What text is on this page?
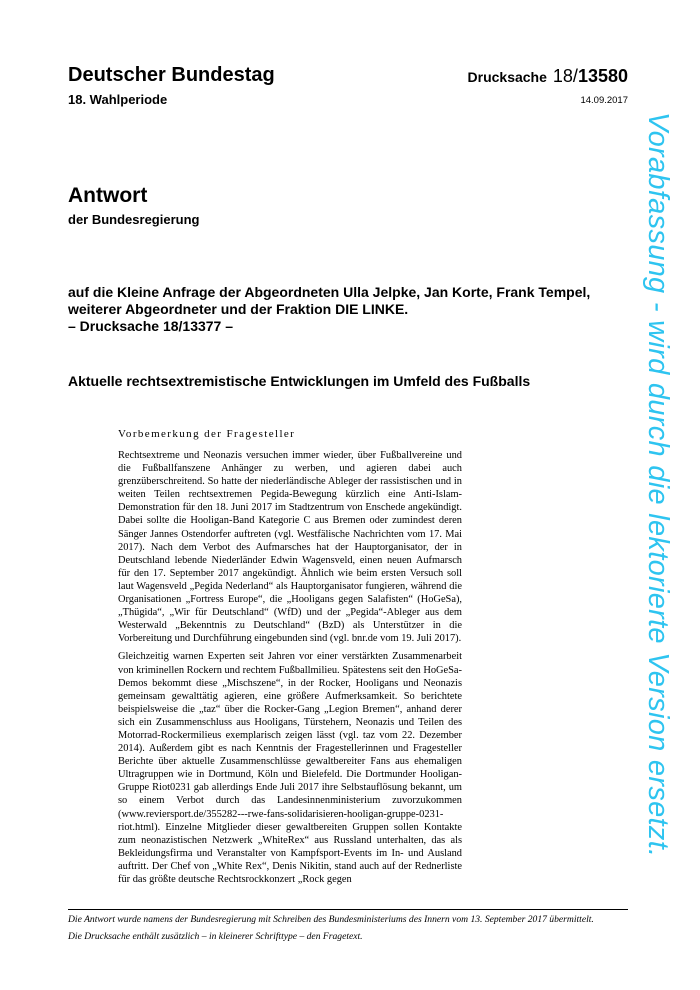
Deutscher Bundestag
18. Wahlperiode
Drucksache 18/13580
14.09.2017
Antwort
der Bundesregierung
auf die Kleine Anfrage der Abgeordneten Ulla Jelpke, Jan Korte, Frank Tempel,
weiterer Abgeordneter und der Fraktion DIE LINKE.
– Drucksache 18/13377 –
Aktuelle rechtsextremistische Entwicklungen im Umfeld des Fußballs
Vorbemerkung der Fragesteller

Rechtsextreme und Neonazis versuchen immer wieder, über Fußballvereine und die Fußballfanszene Anhänger zu werben, und agieren dabei auch grenzüberschreitend. So hatte der niederländische Ableger der rassistischen und in weiten Teilen rechtsextremen Pegida-Bewegung kürzlich eine Anti-Islam-Demonstration für den 18. Juni 2017 im Stadtzentrum von Enschede angekündigt. Dabei sollte die Hooligan-Band Kategorie C aus Bremen oder zumindest deren Sänger Jannes Ostendorfer auftreten (vgl. Westfälische Nachrichten vom 17. Mai 2017). Nach dem Verbot des Aufmarsches hat der Hauptorganisator, der in Deutschland lebende Niederländer Edwin Wagensveld, einen neuen Aufmarsch für den 17. September 2017 angekündigt. Ähnlich wie beim ersten Versuch soll laut Wagensveld „Pegida Nederland“ als Hauptorganisator fungieren, während die Organisationen „Fortress Europe“, die „Hooligans gegen Salafisten“ (HoGeSa), „Thügida“, „Wir für Deutschland“ (WfD) und der „Pegida“-Ableger aus dem Westerwald „Bekenntnis zu Deutschland“ (BzD) als Unterstützer in die Vorbereitung und Durchführung eingebunden sind (vgl. bnr.de vom 19. Juli 2017).

Gleichzeitig warnen Experten seit Jahren vor einer verstärkten Zusammenarbeit von kriminellen Rockern und rechtem Fußballmilieu. Spätestens seit den HoGeSa-Demos bekommt diese „Mischszene“, in der Rocker, Hooligans und Neonazis gemeinsam gewalttätig agieren, eine größere Aufmerksamkeit. So berichtete beispielsweise die „taz“ über die Rocker-Gang „Legion Bremen“, anhand derer sich ein Zusammenschluss aus Hooligans, Türstehern, Neonazis und Teilen des Motorrad-Rockermilieus exemplarisch zeigen lässt (vgl. taz vom 22. Dezember 2014). Außerdem gibt es nach Kenntnis der Fragestellerinnen und Fragesteller Berichte über aktuelle Zusammenschlüsse gewaltbereiter Fans aus ehemaligen Ultragruppen wie in Dortmund, Köln und Bielefeld. Die Dortmunder Hooligan-Gruppe Riot0231 gab allerdings Ende Juli 2017 ihre Selbstauflösung bekannt, um so einem Verbot durch das Landesinnenministerium zuvorzukommen (www.reviersport.de/355282---rwe-fans-solidarisieren-hooligan-gruppe-0231-riot.html). Einzelne Mitglieder dieser gewaltbereiten Gruppen sollen Kontakte zum neonazistischen Netzwerk „WhiteRex“ aus Russland unterhalten, das als Bekleidungsfirma und Veranstalter von Kampfsport-Events im In- und Ausland auftritt. Der Chef von „White Rex“, Denis Nikitin, stand auch auf der Rednerliste für das größte deutsche Rechtsrockkonzert „Rock gegen

Die Antwort wurde namens der Bundesregierung mit Schreiben des Bundesministeriums des Innern vom 13. September 2017 übermittelt.

Die Drucksache enthält zusätzlich – in kleinerer Schrifttype – den Fragetext.

Vorabfassung - wird durch die lektorierte Version ersetzt.
